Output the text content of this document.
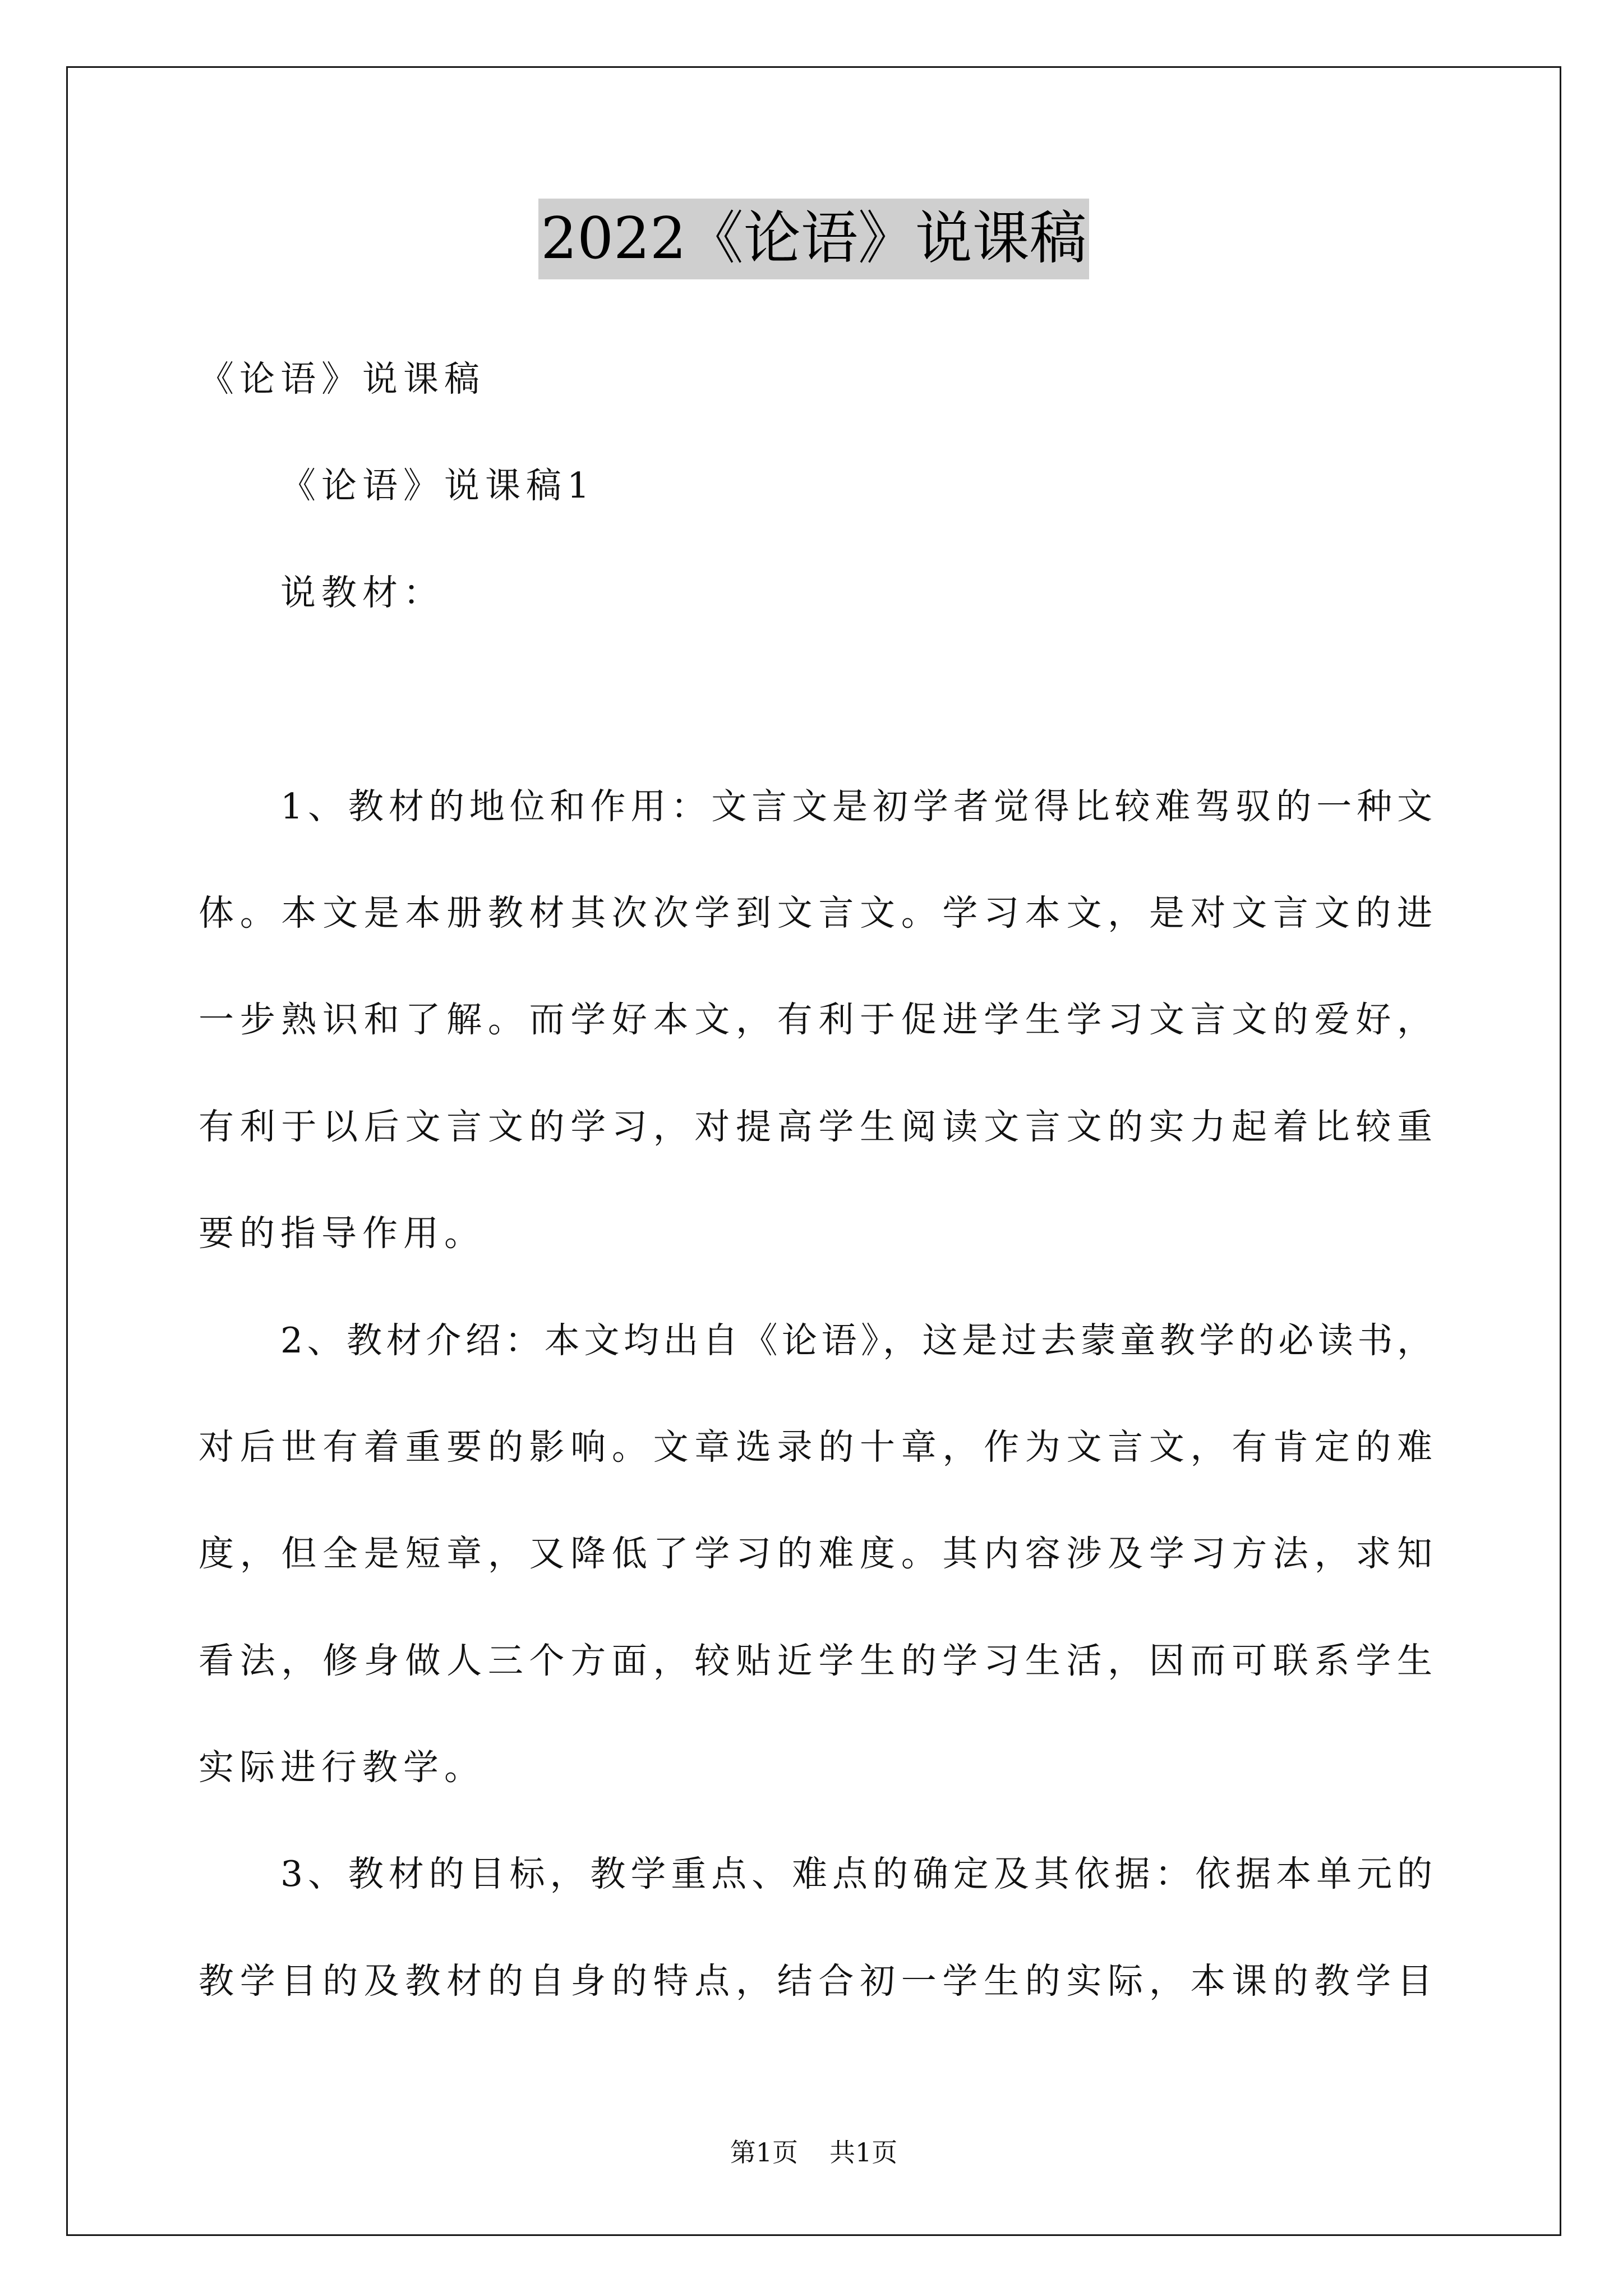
2022《论语》说课稿
《论语》说课稿
《论语》说课稿1
说教材：
1、教材的地位和作用：文言文是初学者觉得比较难驾驭的一种文
体。本文是本册教材其次次学到文言文。学习本文，是对文言文的进
一步熟识和了解。而学好本文，有利于促进学生学习文言文的爱好，
有利于以后文言文的学习，对提高学生阅读文言文的实力起着比较重
要的指导作用。
2、教材介绍：本文均出自《论语》，这是过去蒙童教学的必读书，
对后世有着重要的影响。文章选录的十章，作为文言文，有肯定的难
度，但全是短章，又降低了学习的难度。其内容涉及学习方法，求知
看法，修身做人三个方面，较贴近学生的学习生活，因而可联系学生
实际进行教学。
3、教材的目标，教学重点、难点的确定及其依据：依据本单元的
教学目的及教材的自身的特点，结合初一学生的实际，本课的教学目
第1页 共1页
